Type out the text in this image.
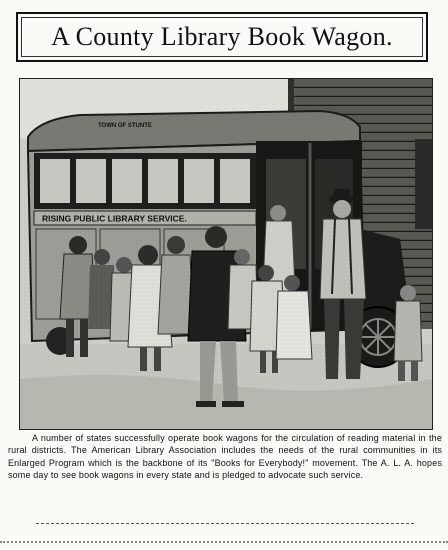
A County Library Book Wagon.

A number of states successfully operate book wagons for the circulation of reading material in the rural districts. The American Library Association includes the needs of the rural communities in its Enlarged Program which is the backbone of its "Books for Everybody!" movement. The A. L. A. hopes some day to see book wagons in every state and is pledged to advocate such service.
